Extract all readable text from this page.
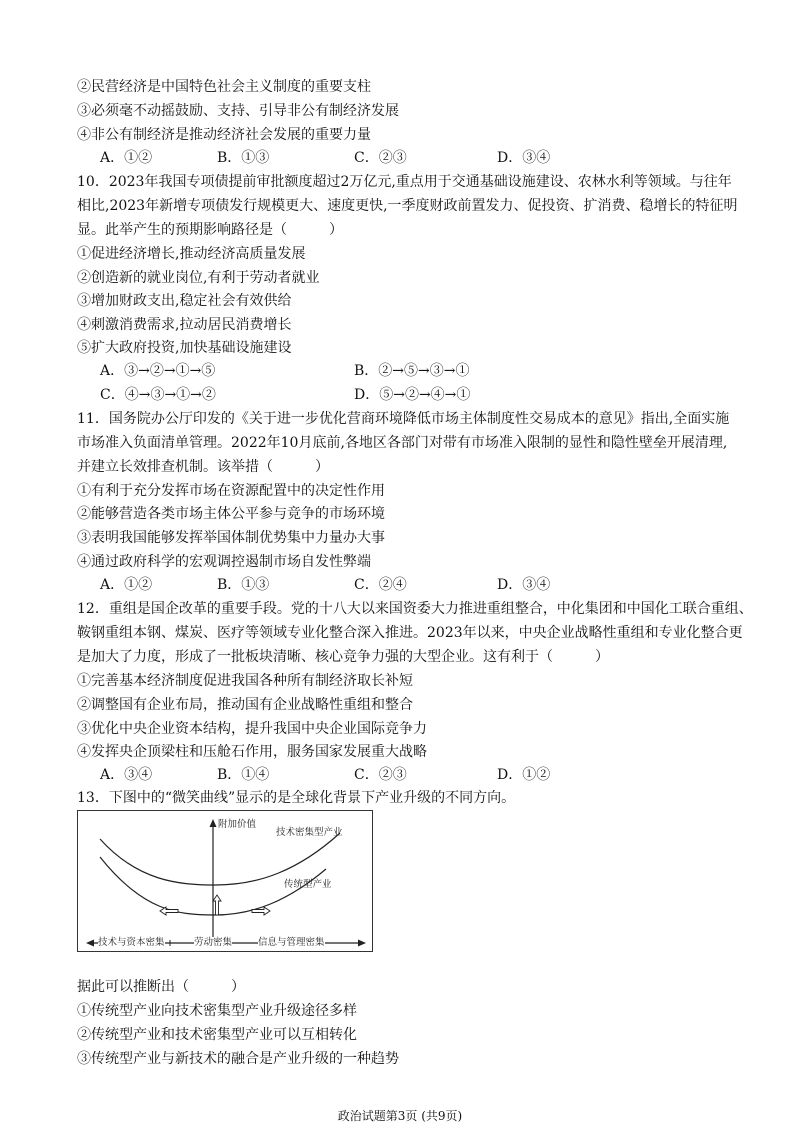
②民营经济是中国特色社会主义制度的重要支柱
③必须毫不动摇鼓励、支持、引导非公有制经济发展
④非公有制经济是推动经济社会发展的重要力量
A．①②	B．①③	C．②③	D．③④
10．2023年我国专项债提前审批额度超过2万亿元,重点用于交通基础设施建设、农林水利等领域。与往年
相比,2023年新增专项债发行规模更大、速度更快,一季度财政前置发力、促投资、扩消费、稳增长的特征明
显。此举产生的预期影响路径是（　　　）
①促进经济增长,推动经济高质量发展
②创造新的就业岗位,有利于劳动者就业
③增加财政支出,稳定社会有效供给
④刺激消费需求,拉动居民消费增长
⑤扩大政府投资,加快基础设施建设
A．③→②→①→⑤	B．②→⑤→③→①
C．④→③→①→②	D．⑤→②→④→①
11．国务院办公厅印发的《关于进一步优化营商环境降低市场主体制度性交易成本的意见》指出,全面实施
市场准入负面清单管理。2022年10月底前,各地区各部门对带有市场准入限制的显性和隐性壁垒开展清理,
并建立长效排查机制。该举措（　　　）
①有利于充分发挥市场在资源配置中的决定性作用
②能够营造各类市场主体公平参与竞争的市场环境
③表明我国能够发挥举国体制优势集中力量办大事
④通过政府科学的宏观调控遏制市场自发性弊端
A．①②	B．①③	C．②④	D．③④
12．重组是国企改革的重要手段。党的十八大以来国资委大力推进重组整合，中化集团和中国化工联合重组、
鞍钢重组本钢、煤炭、医疗等领域专业化整合深入推进。2023年以来，中央企业战略性重组和专业化整合更
是加大了力度，形成了一批板块清晰、核心竞争力强的大型企业。这有利于（　　　）
①完善基本经济制度促进我国各种所有制经济取长补短
②调整国有企业布局，推动国有企业战略性重组和整合
③优化中央企业资本结构，提升我国中央企业国际竞争力
④发挥央企顶梁柱和压舱石作用，服务国家发展重大战略
A．③④	B．①④	C．②③	D．①②
13．下图中的“微笑曲线”显示的是全球化背景下产业升级的不同方向。
附加价值
技术密集型产业
传统型产业
技术与资本密集	劳动密集	信息与管理密集
据此可以推断出（　　　）
①传统型产业向技术密集型产业升级途径多样
②传统型产业和技术密集型产业可以互相转化
③传统型产业与新技术的融合是产业升级的一种趋势
政治试题第3页 (共9页)
